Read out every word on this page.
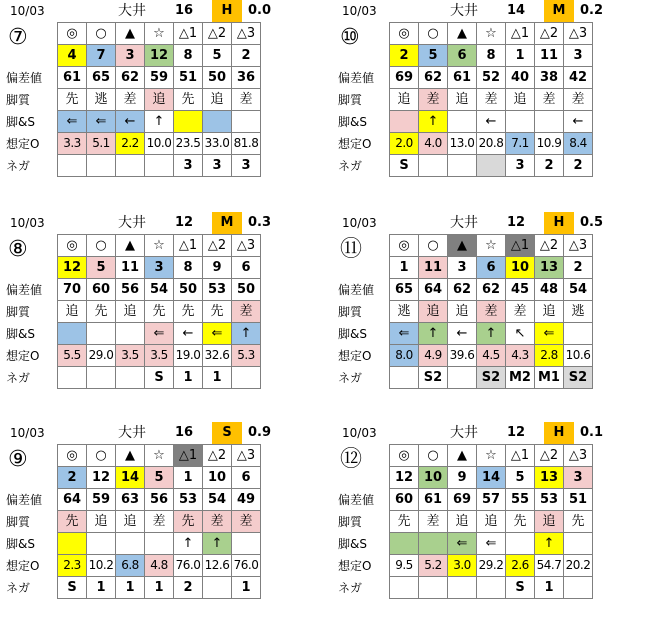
10/03	大井 16	H	0.0
⑦
偏差値
脚質
脚&S
想定O
ネガ
◎	○	▲	☆	△1	△2	△3
4	7	3	12	8	5	2
61	65	62	59	51	50	36
先	逃	差	追	先	追	差
⇐	⇐	←	↑			
3.3	5.1	2.2	10.0	23.5	33.0	81.8
				3	3	3
10/03	大井 14	M	0.2
⑩
偏差値
脚質
脚&S
想定O
ネガ
◎	○	▲	☆	△1	△2	△3
2	5	6	8	1	11	3
69	62	61	52	40	38	42
追	差	追	差	追	差	差
	↑		←			←
2.0	4.0	13.0	20.8	7.1	10.9	8.4
S				3	2	2
10/03	大井 12	M	0.3
⑧
偏差値
脚質
脚&S
想定O
ネガ
◎	○	▲	☆	△1	△2	△3
12	5	11	3	8	9	6
70	60	56	54	50	53	50
追	先	追	先	先	先	差
			⇐	←	⇐	↑
5.5	29.0	3.5	3.5	19.0	32.6	5.3
			S	1	1	
10/03	大井 12	H	0.5
⑪
偏差値
脚質
脚&S
想定O
ネガ
◎	○	▲	☆	△1	△2	△3
1	11	3	6	10	13	2
65	64	62	62	45	48	54
逃	追	追	差	差	追	逃
⇐	↑	←	↑	↖	⇐	
8.0	4.9	39.6	4.5	4.3	2.8	10.6
	S2		S2	M2	M1	S2
10/03	大井 16	S	0.9
⑨
偏差値
脚質
脚&S
想定O
ネガ
◎	○	▲	☆	△1	△2	△3
2	12	14	5	1	10	6
64	59	63	56	53	54	49
先	追	追	差	先	差	差
				↑	↑	
2.3	10.2	6.8	4.8	76.0	12.6	76.0
S	1	1	1	2		1
10/03	大井 12	H	0.1
⑫
偏差値
脚質
脚&S
想定O
ネガ
◎	○	▲	☆	△1	△2	△3
12	10	9	14	5	13	3
60	61	69	57	55	53	51
先	差	追	追	先	追	先
		⇐	⇐		↑	
9.5	5.2	3.0	29.2	2.6	54.7	20.2
				S	1	
